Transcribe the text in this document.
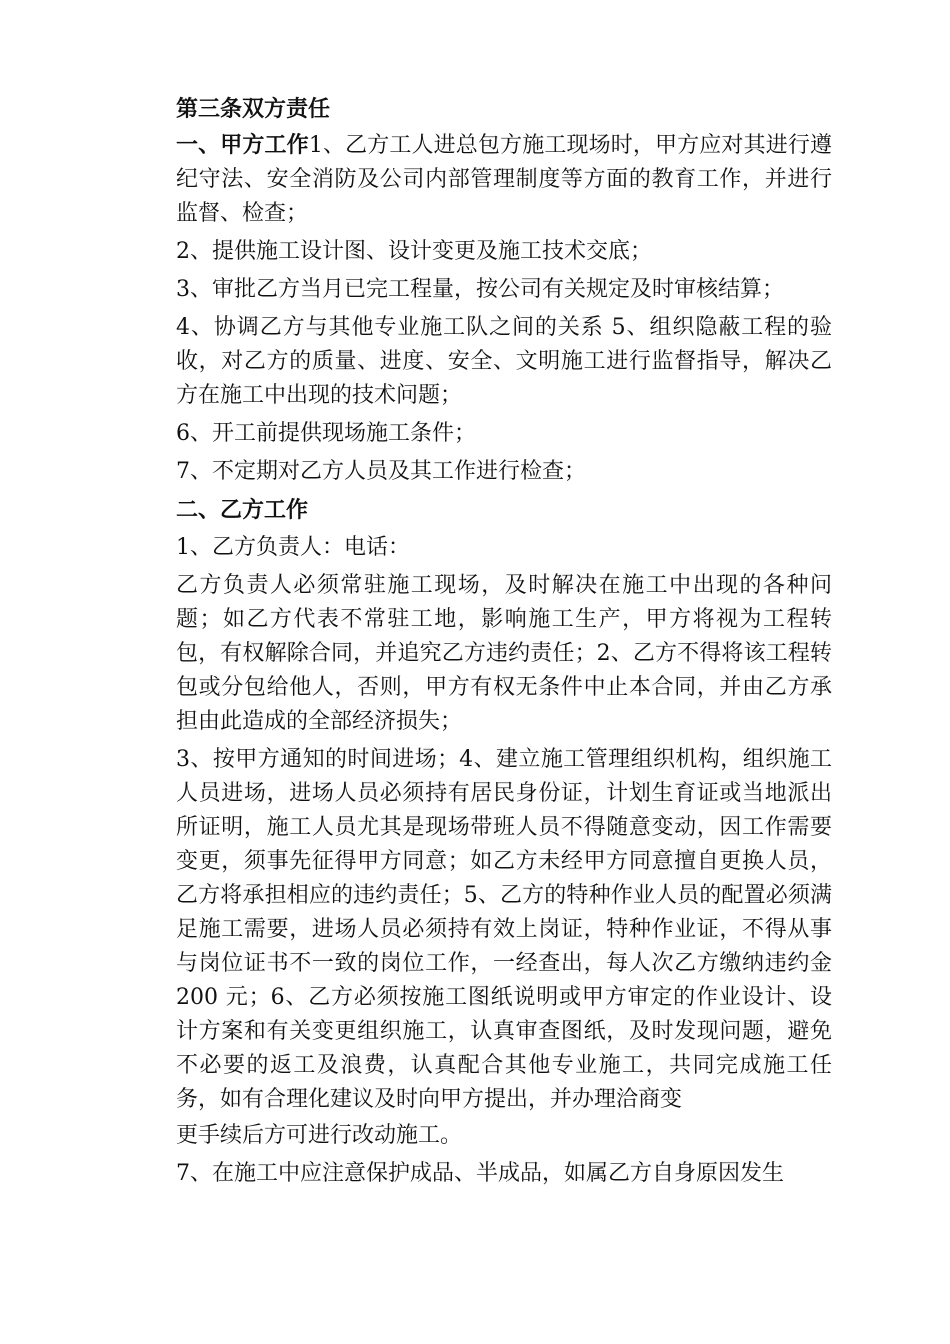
第三条双方责任

一、甲方工作1、乙方工人进总包方施工现场时，甲方应对其进行遵纪守法、安全消防及公司内部管理制度等方面的教育工作，并进行监督、检查；

2、提供施工设计图、设计变更及施工技术交底；

3、审批乙方当月已完工程量，按公司有关规定及时审核结算；

4、协调乙方与其他专业施工队之间的关系 5、组织隐蔽工程的验收，对乙方的质量、进度、安全、文明施工进行监督指导，解决乙方在施工中出现的技术问题；

6、开工前提供现场施工条件；

7、不定期对乙方人员及其工作进行检查；

二、乙方工作

1、乙方负责人：电话：

乙方负责人必须常驻施工现场，及时解决在施工中出现的各种问题；如乙方代表不常驻工地，影响施工生产，甲方将视为工程转包，有权解除合同，并追究乙方违约责任；2、乙方不得将该工程转包或分包给他人，否则，甲方有权无条件中止本合同，并由乙方承担由此造成的全部经济损失；

3、按甲方通知的时间进场；4、建立施工管理组织机构，组织施工人员进场，进场人员必须持有居民身份证，计划生育证或当地派出所证明，施工人员尤其是现场带班人员不得随意变动，因工作需要变更，须事先征得甲方同意；如乙方未经甲方同意擅自更换人员，乙方将承担相应的违约责任；5、乙方的特种作业人员的配置必须满足施工需要，进场人员必须持有效上岗证，特种作业证，不得从事与岗位证书不一致的岗位工作，一经查出，每人次乙方缴纳违约金 200 元；6、乙方必须按施工图纸说明或甲方审定的作业设计、设计方案和有关变更组织施工，认真审查图纸，及时发现问题，避免不必要的返工及浪费，认真配合其他专业施工，共同完成施工任务，如有合理化建议及时向甲方提出，并办理洽商变

更手续后方可进行改动施工。

7、在施工中应注意保护成品、半成品，如属乙方自身原因发生
